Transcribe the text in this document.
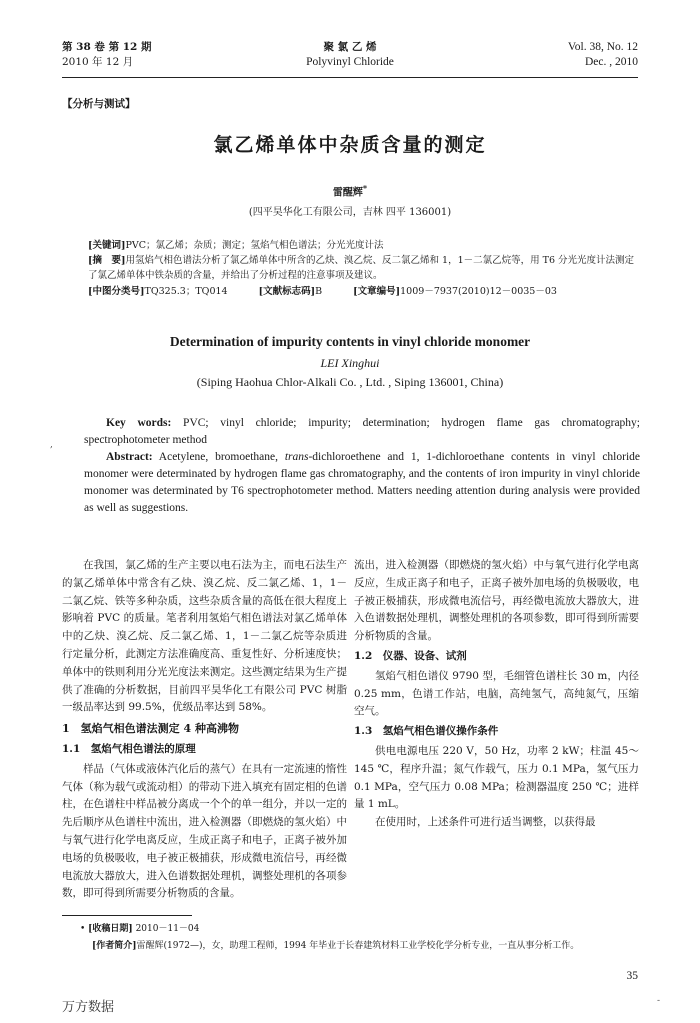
第 38 卷 第 12 期
2010 年 12 月
聚 氯 乙 烯
Polyvinyl Chloride
Vol. 38, No. 12
Dec. , 2010
【分析与测试】
氯乙烯单体中杂质含量的测定
雷醒辉*
(四平昊华化工有限公司，吉林 四平 136001)

[关键词]PVC；氯乙烯；杂质；测定；氢焰气相色谱法；分光光度计法

[摘　要]用氢焰气相色谱法分析了氯乙烯单体中所含的乙炔、溴乙烷、反二氯乙烯和 1，1－二氯乙烷等，用 T6 分光光度计法测定了氯乙烯单体中铁杂质的含量，并给出了分析过程的注意事项及建议。

[中图分类号]TQ325.3；TQ014	[文献标志码]B	[文章编号]1009－7937(2010)12－0035－03

Determination of impurity contents in vinyl chloride monomer
LEI Xinghui
(Siping Haohua Chlor-Alkali Co. , Ltd. , Siping 136001, China)
,

Key words: PVC; vinyl chloride; impurity; determination; hydrogen flame gas chromatography; spectrophotometer method

Abstract: Acetylene, bromoethane, trans-dichloroethene and 1, 1-dichloroethane contents in vinyl chloride monomer were determinated by hydrogen flame gas chromatography, and the contents of iron impurity in vinyl chloride monomer was determinated by T6 spectrophotometer method. Matters needing attention during analysis were provided as well as suggestions.

在我国，氯乙烯的生产主要以电石法为主，而电石法生产的氯乙烯单体中常含有乙炔、溴乙烷、反二氯乙烯、1，1－二氯乙烷、铁等多种杂质，这些杂质含量的高低在很大程度上影响着 PVC 的质量。笔者利用氢焰气相色谱法对氯乙烯单体中的乙炔、溴乙烷、反二氯乙烯、1，1－二氯乙烷等杂质进行定量分析，此测定方法准确度高、重复性好、分析速度快；单体中的铁则利用分光光度法来测定。这些测定结果为生产提供了准确的分析数据，目前四平昊华化工有限公司 PVC 树脂一级品率达到 99.5%，优级品率达到 58%。

1　氢焰气相色谱法测定 4 种高沸物
1.1　氢焰气相色谱法的原理

样品（气体或液体汽化后的蒸气）在具有一定流速的惰性气体（称为载气或流动相）的带动下进入填充有固定相的色谱柱，在色谱柱中样品被分离成一个个的单一组分，并以一定的先后顺序从色谱柱中流出，进入检测器（即燃烧的氢火焰）中与氧气进行化学电离反应，生成正离子和电子，正离子被外加电场的负极吸收，电子被正极捕获，形成微电流信号，再经微电流放大器放大，进入色谱数据处理机，调整处理机的各项参数，即可得到所需要分析物质的含量。

流出，进入检测器（即燃烧的氢火焰）中与氧气进行化学电离反应，生成正离子和电子，正离子被外加电场的负极吸收，电子被正极捕获，形成微电流信号，再经微电流放大器放大，进入色谱数据处理机，调整处理机的各项参数，即可得到所需要分析物质的含量。

1.2　仪器、设备、试剂

氢焰气相色谱仪 9790 型，毛细管色谱柱长 30 m，内径 0.25 mm，色谱工作站，电脑，高纯氢气，高纯氮气，压缩空气。

1.3　氢焰气相色谱仪操作条件

供电电源电压 220 V，50 Hz，功率 2 kW；柱温 45～145 ℃，程序升温；氮气作载气，压力 0.1 MPa，氢气压力 0.1 MPa，空气压力 0.08 MPa；检测器温度 250 ℃；进样量 1 mL。

在使用时，上述条件可进行适当调整，以获得最

• [收稿日期] 2010－11－04

[作者简介]雷醒辉(1972—)，女，助理工程师，1994 年毕业于长春建筑材料工业学校化学分析专业，一直从事分析工作。

35
万方数据	-
